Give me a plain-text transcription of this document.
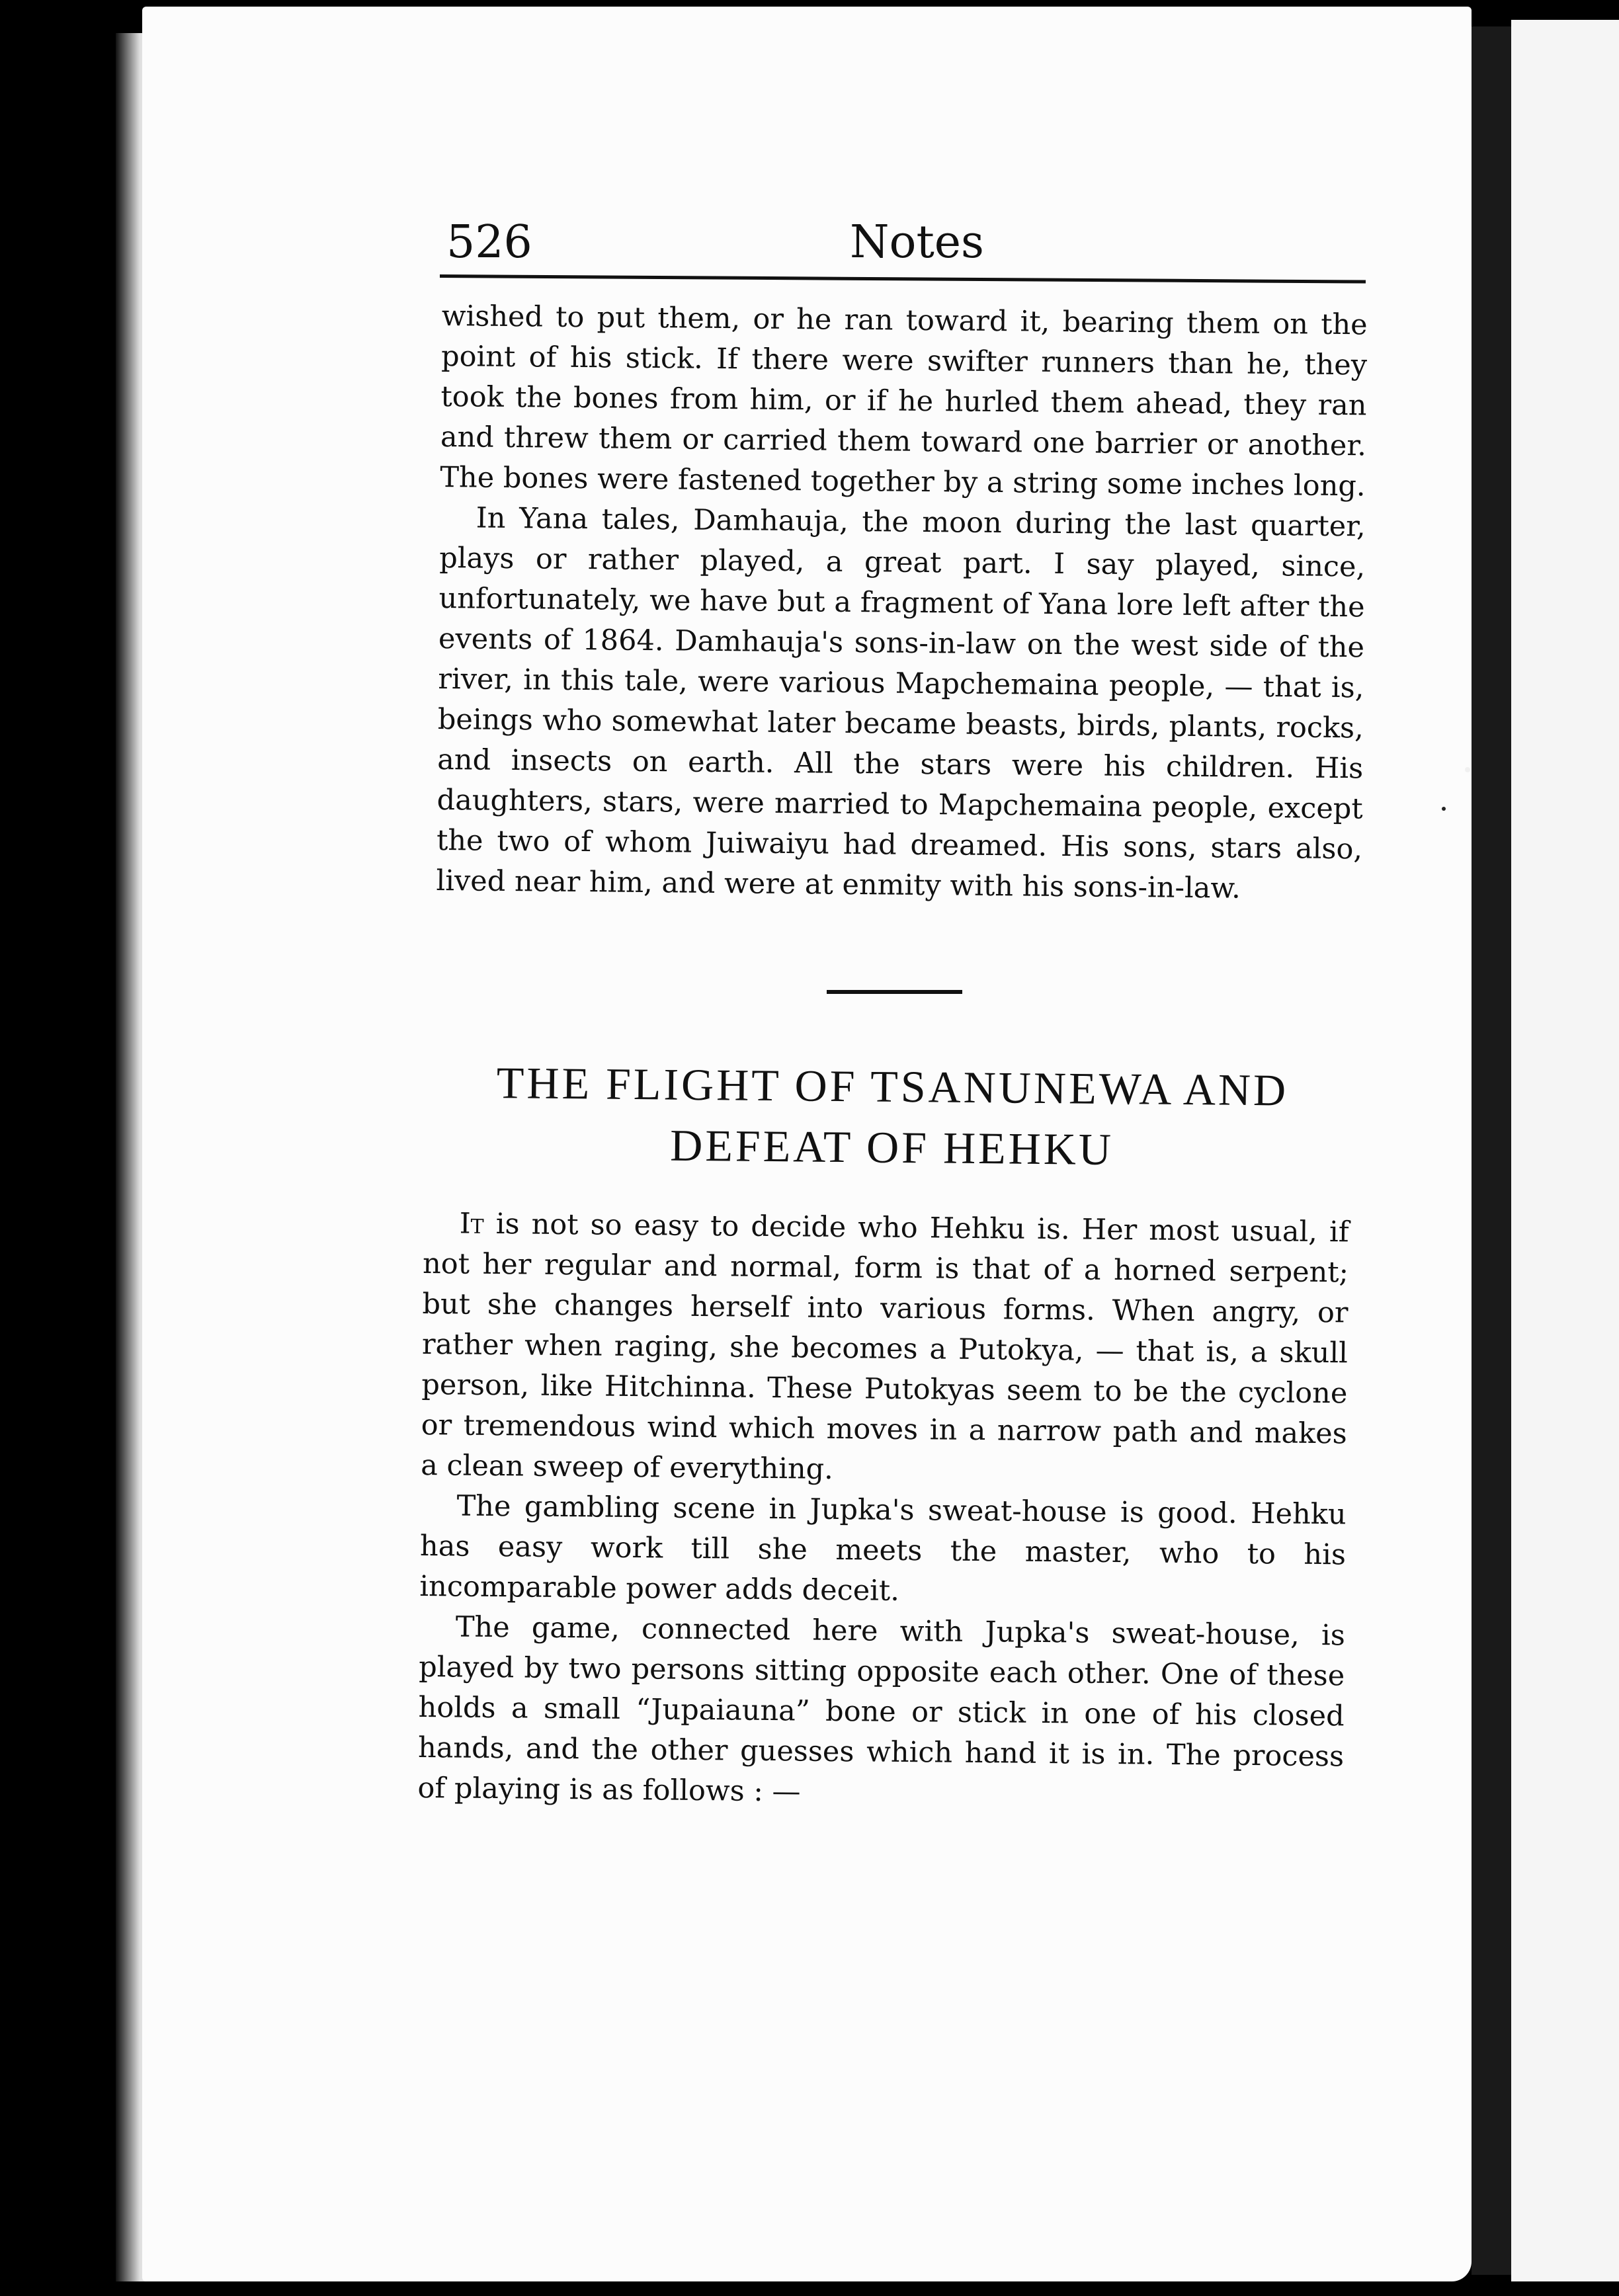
526	Notes

wished to put them, or he ran toward it, bearing them on the point of his stick. If there were swifter runners than he, they took the bones from him, or if he hurled them ahead, they ran and threw them or carried them toward one barrier or another. The bones were fastened together by a string some inches long.

In Yana tales, Damhauja, the moon during the last quarter, plays or rather played, a great part. I say played, since, unfortunately, we have but a fragment of Yana lore left after the events of 1864. Damhauja's sons-in-law on the west side of the river, in this tale, were various Mapchemaina people, — that is, beings who somewhat later became beasts, birds, plants, rocks, and insects on earth. All the stars were his children. His daughters, stars, were married to Mapchemaina people, except the two of whom Juiwaiyu had dreamed. His sons, stars also, lived near him, and were at enmity with his sons-in-law.

THE FLIGHT OF TSANUNEWA AND
DEFEAT OF HEHKU

It is not so easy to decide who Hehku is. Her most usual, if not her regular and normal, form is that of a horned serpent; but she changes herself into various forms. When angry, or rather when raging, she becomes a Putokya, — that is, a skull person, like Hitchinna. These Putokyas seem to be the cyclone or tremendous wind which moves in a narrow path and makes a clean sweep of everything.

The gambling scene in Jupka's sweat-house is good. Hehku has easy work till she meets the master, who to his incomparable power adds deceit.

The game, connected here with Jupka's sweat-house, is played by two persons sitting opposite each other. One of these holds a small “Jupaiauna” bone or stick in one of his closed hands, and the other guesses which hand it is in. The process of playing is as follows : —
